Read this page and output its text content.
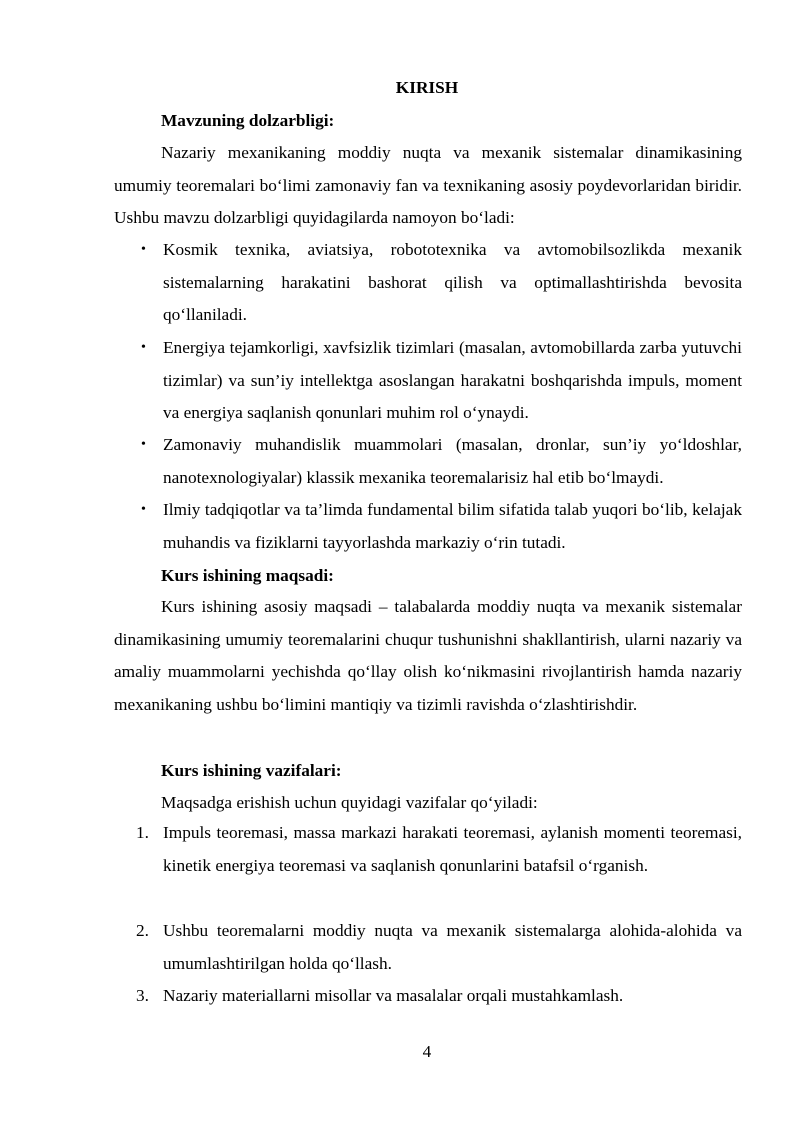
KIRISH
Mavzuning dolzarbligi:

Nazariy mexanikaning moddiy nuqta va mexanik sistemalar dinamikasining umumiy teoremalari bo‘limi zamonaviy fan va texnikaning asosiy poydevorlaridan biridir. Ushbu mavzu dolzarbligi quyidagilarda namoyon bo‘ladi:

• Kosmik texnika, aviatsiya, robototexnika va avtomobilsozlikda mexanik sistemalarning harakatini bashorat qilish va optimallashtirishda bevosita qo‘llaniladi.
• Energiya tejamkorligi, xavfsizlik tizimlari (masalan, avtomobillarda zarba yutuvchi tizimlar) va sun’iy intellektga asoslangan harakatni boshqarishda impuls, moment va energiya saqlanish qonunlari muhim rol o‘ynaydi.
• Zamonaviy muhandislik muammolari (masalan, dronlar, sun’iy yo‘ldoshlar, nanotexnologiyalar) klassik mexanika teoremalarisiz hal etib bo‘lmaydi.
• Ilmiy tadqiqotlar va ta’limda fundamental bilim sifatida talab yuqori bo‘lib, kelajak muhandis va fiziklarni tayyorlashda markaziy o‘rin tutadi.
Kurs ishining maqsadi:

Kurs ishining asosiy maqsadi – talabalarda moddiy nuqta va mexanik sistemalar dinamikasining umumiy teoremalarini chuqur tushunishni shakllantirish, ularni nazariy va amaliy muammolarni yechishda qo‘llay olish ko‘nikmasini rivojlantirish hamda nazariy mexanikaning ushbu bo‘limini mantiqiy va tizimli ravishda o‘zlashtirishdir.

Kurs ishining vazifalari:
Maqsadga erishish uchun quyidagi vazifalar qo‘yiladi:
1. Impuls teoremasi, massa markazi harakati teoremasi, aylanish momenti teoremasi, kinetik energiya teoremasi va saqlanish qonunlarini batafsil o‘rganish.
2. Ushbu teoremalarni moddiy nuqta va mexanik sistemalarga alohida-alohida va umumlashtirilgan holda qo‘llash.
3. Nazariy materiallarni misollar va masalalar orqali mustahkamlash.
4
